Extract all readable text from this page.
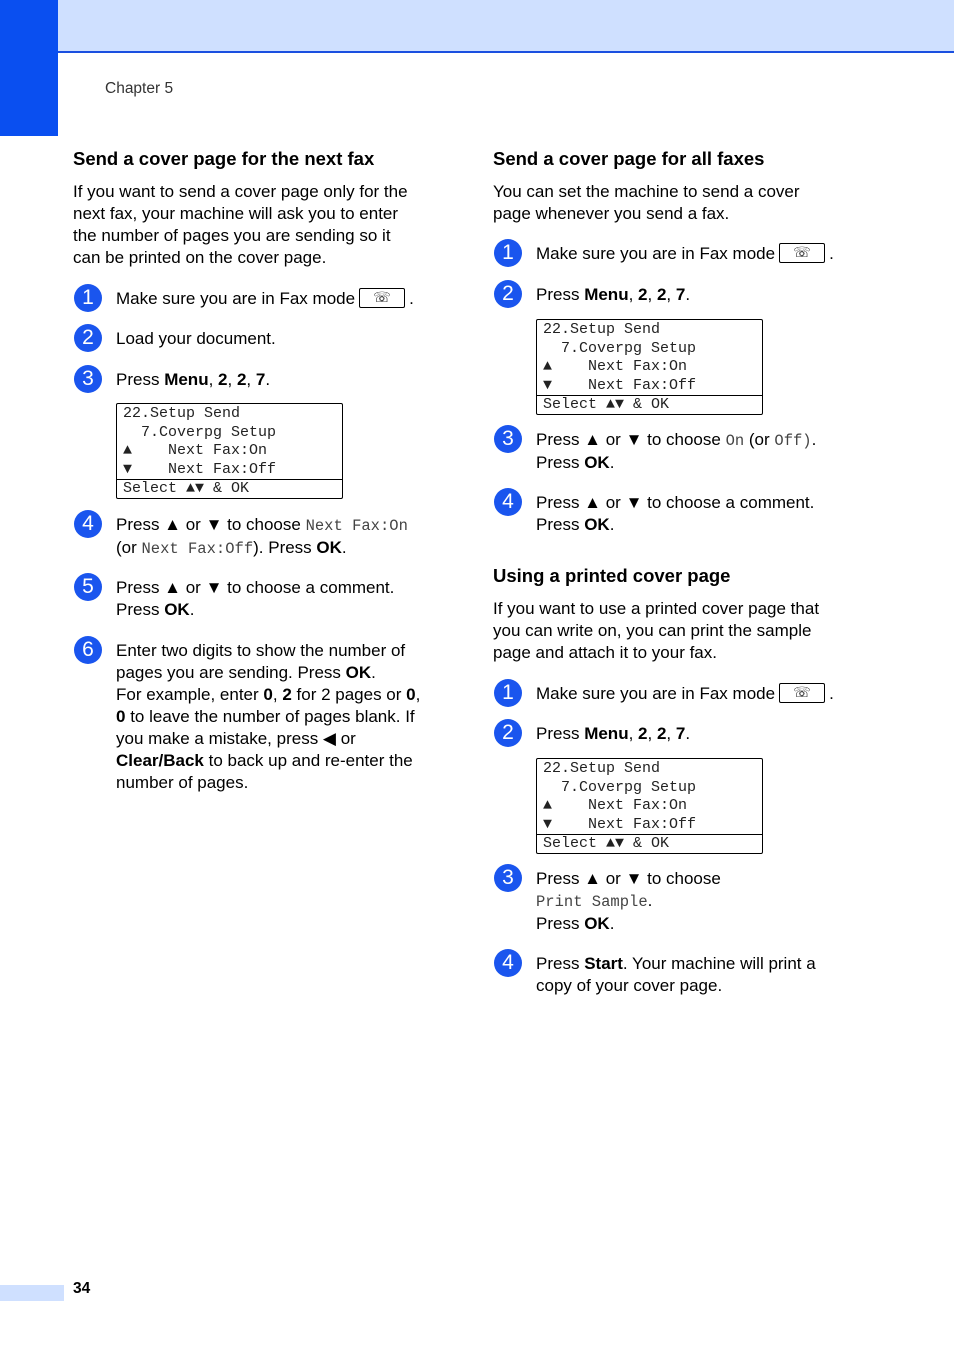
Chapter 5
Send a cover page for the next fax
If you want to send a cover page only for the
next fax, your machine will ask you to enter
the number of pages you are sending so it
can be printed on the cover page.
1	Make sure you are in Fax mode ☏ .
2	Load your document.
3	Press Menu, 2, 2, 7.
22.Setup Send
7.Coverpg Setup
▲    Next Fax:On
▼    Next Fax:Off
Select ▲▼ & OK
4	Press ▲ or ▼ to choose Next Fax:On
(or Next Fax:Off). Press OK.
5	Press ▲ or ▼ to choose a comment.
Press OK.
6	Enter two digits to show the number of
pages you are sending. Press OK.
For example, enter 0, 2 for 2 pages or 0,
0 to leave the number of pages blank. If
you make a mistake, press ◀ or
Clear/Back to back up and re-enter the
number of pages.
Send a cover page for all faxes
You can set the machine to send a cover
page whenever you send a fax.
1	Make sure you are in Fax mode ☏ .
2	Press Menu, 2, 2, 7.
22.Setup Send
7.Coverpg Setup
▲    Next Fax:On
▼    Next Fax:Off
Select ▲▼ & OK
3	Press ▲ or ▼ to choose On (or Off).
Press OK.
4	Press ▲ or ▼ to choose a comment.
Press OK.
Using a printed cover page
If you want to use a printed cover page that
you can write on, you can print the sample
page and attach it to your fax.
1	Make sure you are in Fax mode ☏ .
2	Press Menu, 2, 2, 7.
22.Setup Send
7.Coverpg Setup
▲    Next Fax:On
▼    Next Fax:Off
Select ▲▼ & OK
3	Press ▲ or ▼ to choose
Print Sample.
Press OK.
4	Press Start. Your machine will print a
copy of your cover page.
34
